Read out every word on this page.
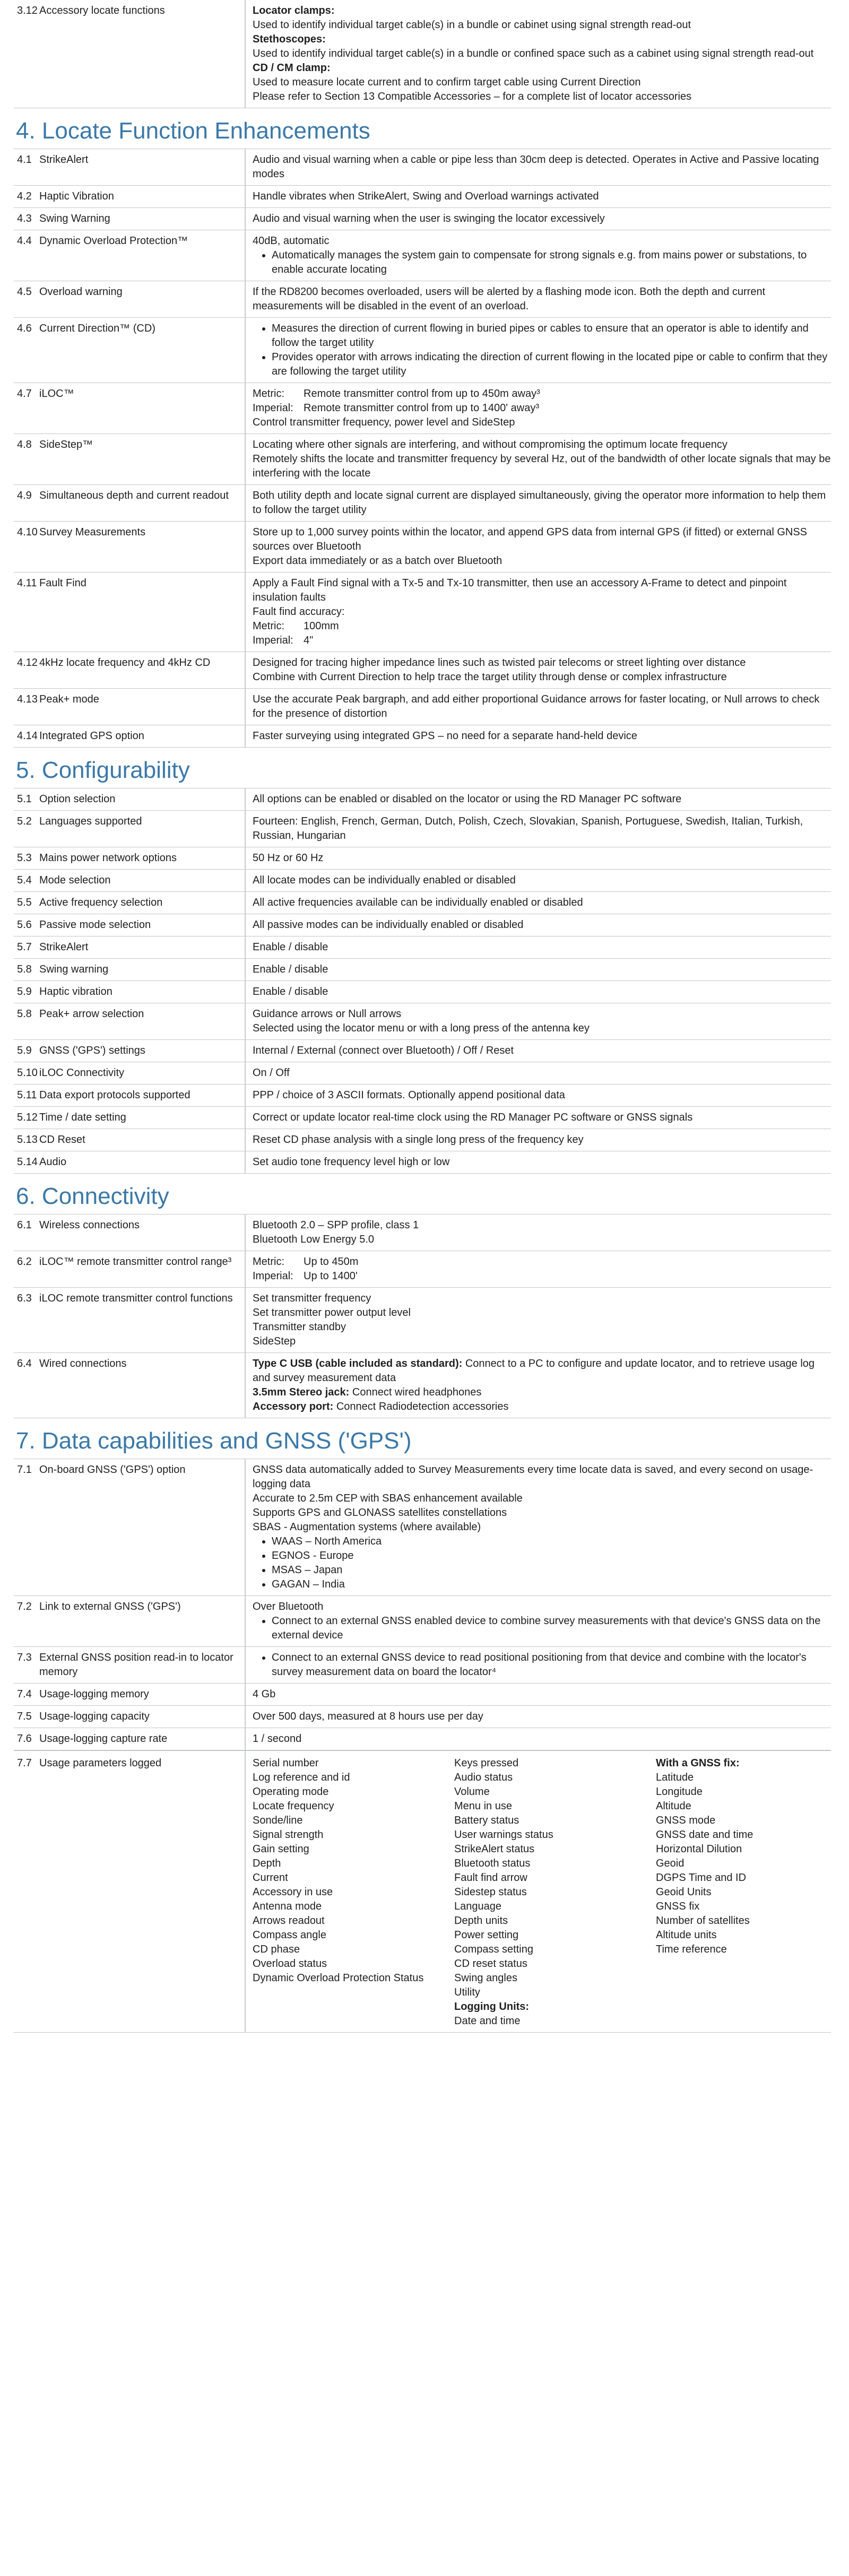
3.12 Accessory locate functions	Locator clamps:

Used to identify individual target cable(s) in a bundle or cabinet using signal strength read-out

Stethoscopes:

Used to identify individual target cable(s) in a bundle or confined space such as a cabinet using signal strength read-out

CD / CM clamp:

Used to measure locate current and to confirm target cable using Current Direction

Please refer to Section 13 Compatible Accessories – for a complete list of locator accessories

4. Locate Function Enhancements
4.1 StrikeAlert	Audio and visual warning when a cable or pipe less than 30cm deep is detected. Operates in Active and Passive locating modes

4.2 Haptic Vibration	Handle vibrates when StrikeAlert, Swing and Overload warnings activated

4.3 Swing Warning	Audio and visual warning when the user is swinging the locator excessively

4.4 Dynamic Overload Protection™	40dB, automatic

• Automatically manages the system gain to compensate for strong signals e.g. from mains power or substations, to enable accurate locating
4.5 Overload warning	If the RD8200 becomes overloaded, users will be alerted by a flashing mode icon. Both the depth and current measurements will be disabled in the event of an overload.

4.6 Current Direction™ (CD)
•	Measures the direction of current flowing in buried pipes or cables to ensure that an operator is able to identify and follow the target utility
• Provides operator with arrows indicating the direction of current flowing in the located pipe or cable to confirm that they are following the target utility
4.7 iLOC™	Metric: Remote transmitter control from up to 450m away³

Imperial: Remote transmitter control from up to 1400' away³

Control transmitter frequency, power level and SideStep

4.8 SideStep™	Locating where other signals are interfering, and without compromising the optimum locate frequency

Remotely shifts the locate and transmitter frequency by several Hz, out of the bandwidth of other locate signals that may be interfering with the locate

4.9 Simultaneous depth and current readout	Both utility depth and locate signal current are displayed simultaneously, giving the operator more information to help them to follow the target utility

4.10 Survey Measurements	Store up to 1,000 survey points within the locator, and append GPS data from internal GPS (if fitted) or external GNSS sources over Bluetooth

Export data immediately or as a batch over Bluetooth

4.11 Fault Find	Apply a Fault Find signal with a Tx-5 and Tx-10 transmitter, then use an accessory A-Frame to detect and pinpoint insulation faults

Fault find accuracy:

Metric: 100mm

Imperial: 4"

4.12 4kHz locate frequency and 4kHz CD	Designed for tracing higher impedance lines such as twisted pair telecoms or street lighting over distance

Combine with Current Direction to help trace the target utility through dense or complex infrastructure

4.13 Peak+ mode	Use the accurate Peak bargraph, and add either proportional Guidance arrows for faster locating, or Null arrows to check for the presence of distortion

4.14 Integrated GPS option	Faster surveying using integrated GPS – no need for a separate hand-held device

5. Configurability
5.1 Option selection	All options can be enabled or disabled on the locator or using the RD Manager PC software

5.2 Languages supported	Fourteen: English, French, German, Dutch, Polish, Czech, Slovakian, Spanish, Portuguese, Swedish, Italian, Turkish, Russian, Hungarian

5.3 Mains power network options	50 Hz or 60 Hz

5.4 Mode selection	All locate modes can be individually enabled or disabled

5.5 Active frequency selection	All active frequencies available can be individually enabled or disabled

5.6 Passive mode selection	All passive modes can be individually enabled or disabled

5.7 StrikeAlert	Enable / disable

5.8 Swing warning	Enable / disable

5.9 Haptic vibration	Enable / disable

5.8 Peak+ arrow selection	Guidance arrows or Null arrows

Selected using the locator menu or with a long press of the antenna key

5.9 GNSS ('GPS') settings	Internal / External (connect over Bluetooth) / Off / Reset

5.10 iLOC Connectivity	On / Off

5.11 Data export protocols supported	PPP / choice of 3 ASCII formats. Optionally append positional data

5.12 Time / date setting	Correct or update locator real-time clock using the RD Manager PC software or GNSS signals

5.13 CD Reset	Reset CD phase analysis with a single long press of the frequency key

5.14 Audio	Set audio tone frequency level high or low

6. Connectivity
6.1 Wireless connections	Bluetooth 2.0 – SPP profile, class 1

Bluetooth Low Energy 5.0

6.2 iLOC™ remote transmitter control range³	Metric: Up to 450m

Imperial: Up to 1400'

6.3 iLOC remote transmitter control functions	Set transmitter frequency

Set transmitter power output level

Transmitter standby

SideStep

6.4 Wired connections	Type C USB (cable included as standard): Connect to a PC to configure and update locator, and to retrieve usage log and survey measurement data

3.5mm Stereo jack: Connect wired headphones

Accessory port: Connect Radiodetection accessories

7. Data capabilities and GNSS ('GPS')
7.1 On-board GNSS ('GPS') option	GNSS data automatically added to Survey Measurements every time locate data is saved, and every second on usage-logging data

Accurate to 2.5m CEP with SBAS enhancement available

Supports GPS and GLONASS satellites constellations

SBAS - Augmentation systems (where available)

• WAAS – North America
• EGNOS - Europe
• MSAS – Japan
• GAGAN – India
7.2 Link to external GNSS ('GPS')	Over Bluetooth

• Connect to an external GNSS enabled device to combine survey measurements with that device's GNSS data on the external device
7.3 External GNSS position read-in to locator memory
• Connect to an external GNSS device to read positional positioning from that device and combine with the locator's survey measurement data on board the locator⁴
7.4 Usage-logging memory	4 Gb

7.5 Usage-logging capacity	Over 500 days, measured at 8 hours use per day

7.6 Usage-logging capture rate	1 / second

7.7 Usage parameters logged	Serial number

Log reference and id

Operating mode

Locate frequency

Sonde/line

Signal strength

Gain setting

Depth

Current

Accessory in use

Antenna mode

Arrows readout

Compass angle

CD phase

Overload status

Dynamic Overload Protection Status

Keys pressed

Audio status

Volume

Menu in use

Battery status

User warnings status

StrikeAlert status

Bluetooth status

Fault find arrow

Sidestep status

Language

Depth units

Power setting

Compass setting

CD reset status

Swing angles

Utility

Logging Units:

Date and time

With a GNSS fix:

Latitude

Longitude

Altitude

GNSS mode

GNSS date and time

Horizontal Dilution

Geoid

DGPS Time and ID

Geoid Units

GNSS fix

Number of satellites

Altitude units

Time reference
